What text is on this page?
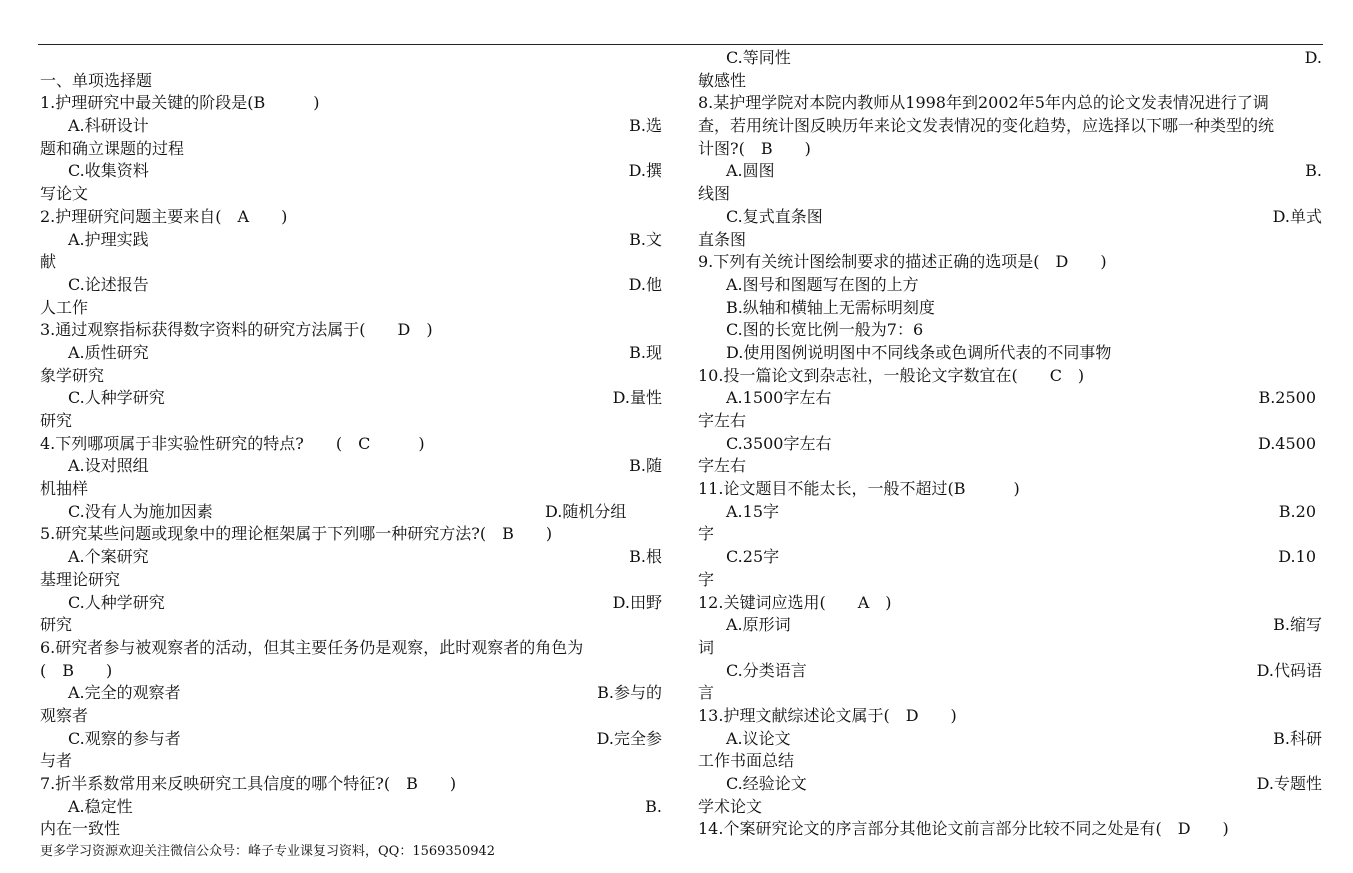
一、单项选择题
1.护理研究中最关键的阶段是(B　　　)
A.科研设计	B.选
题和确立课题的过程
C.收集资料	D.撰
写论文
2.护理研究问题主要来自(　A　　)
A.护理实践	B.文
献
C.论述报告	D.他
人工作
3.通过观察指标获得数字资料的研究方法属于(　　D　)
A.质性研究	B.现
象学研究
C.人种学研究	D.量性
研究
4.下列哪项属于非实验性研究的特点?　　(　C　　　)
A.设对照组	B.随
机抽样
C.没有人为施加因素	D.随机分组
5.研究某些问题或现象中的理论框架属于下列哪一种研究方法?(　B　　)
A.个案研究	B.根
基理论研究
C.人种学研究	D.田野
研究
6.研究者参与被观察者的活动，但其主要任务仍是观察，此时观察者的角色为
(　B　　)
A.完全的观察者	B.参与的
观察者
C.观察的参与者	D.完全参
与者
7.折半系数常用来反映研究工具信度的哪个特征?(　B　　)
A.稳定性	B.
内在一致性
C.等同性	D.
敏感性
8.某护理学院对本院内教师从1998年到2002年5年内总的论文发表情况进行了调
查，若用统计图反映历年来论文发表情况的变化趋势，应选择以下哪一种类型的统
计图?(　B　　)
A.圆图	B.
线图
C.复式直条图	D.单式
直条图
9.下列有关统计图绘制要求的描述正确的选项是(　D　　)
A.图号和图题写在图的上方
B.纵轴和横轴上无需标明刻度
C.图的长宽比例一般为7：6
D.使用图例说明图中不同线条或色调所代表的不同事物
10.投一篇论文到杂志社，一般论文字数宜在(　　C　)
A.1500字左右	B.2500
字左右
C.3500字左右	D.4500
字左右
11.论文题目不能太长，一般不超过(B　　　)
A.15字	B.20
字
C.25字	D.10
字
12.关键词应选用(　　A　)
A.原形词	B.缩写
词
C.分类语言	D.代码语
言
13.护理文献综述论文属于(　D　　)
A.议论文	B.科研
工作书面总结
C.经验论文	D.专题性
学术论文
14.个案研究论文的序言部分其他论文前言部分比较不同之处是有(　D　　)
更多学习资源欢迎关注微信公众号：峰子专业课复习资料，QQ：1569350942
